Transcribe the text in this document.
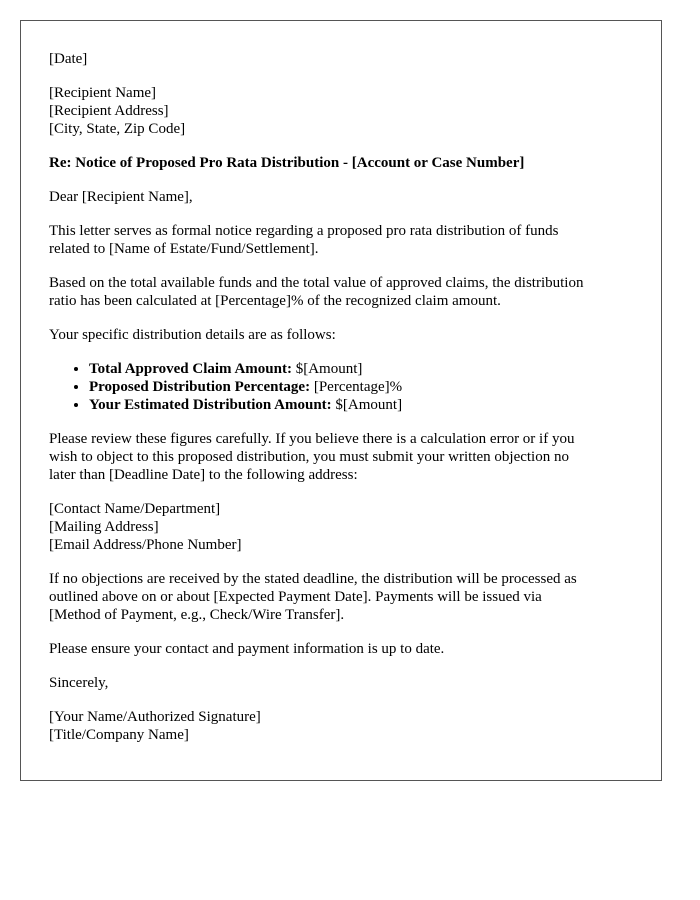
[Date]
[Recipient Name]
[Recipient Address]
[City, State, Zip Code]
Re: Notice of Proposed Pro Rata Distribution - [Account or Case Number]
Dear [Recipient Name],
This letter serves as formal notice regarding a proposed pro rata distribution of funds
related to [Name of Estate/Fund/Settlement].
Based on the total available funds and the total value of approved claims, the distribution
ratio has been calculated at [Percentage]% of the recognized claim amount.
Your specific distribution details are as follows:
• Total Approved Claim Amount: $[Amount]
• Proposed Distribution Percentage: [Percentage]%
• Your Estimated Distribution Amount: $[Amount]
Please review these figures carefully. If you believe there is a calculation error or if you
wish to object to this proposed distribution, you must submit your written objection no
later than [Deadline Date] to the following address:
[Contact Name/Department]
[Mailing Address]
[Email Address/Phone Number]
If no objections are received by the stated deadline, the distribution will be processed as
outlined above on or about [Expected Payment Date]. Payments will be issued via
[Method of Payment, e.g., Check/Wire Transfer].
Please ensure your contact and payment information is up to date.
Sincerely,
[Your Name/Authorized Signature]
[Title/Company Name]
